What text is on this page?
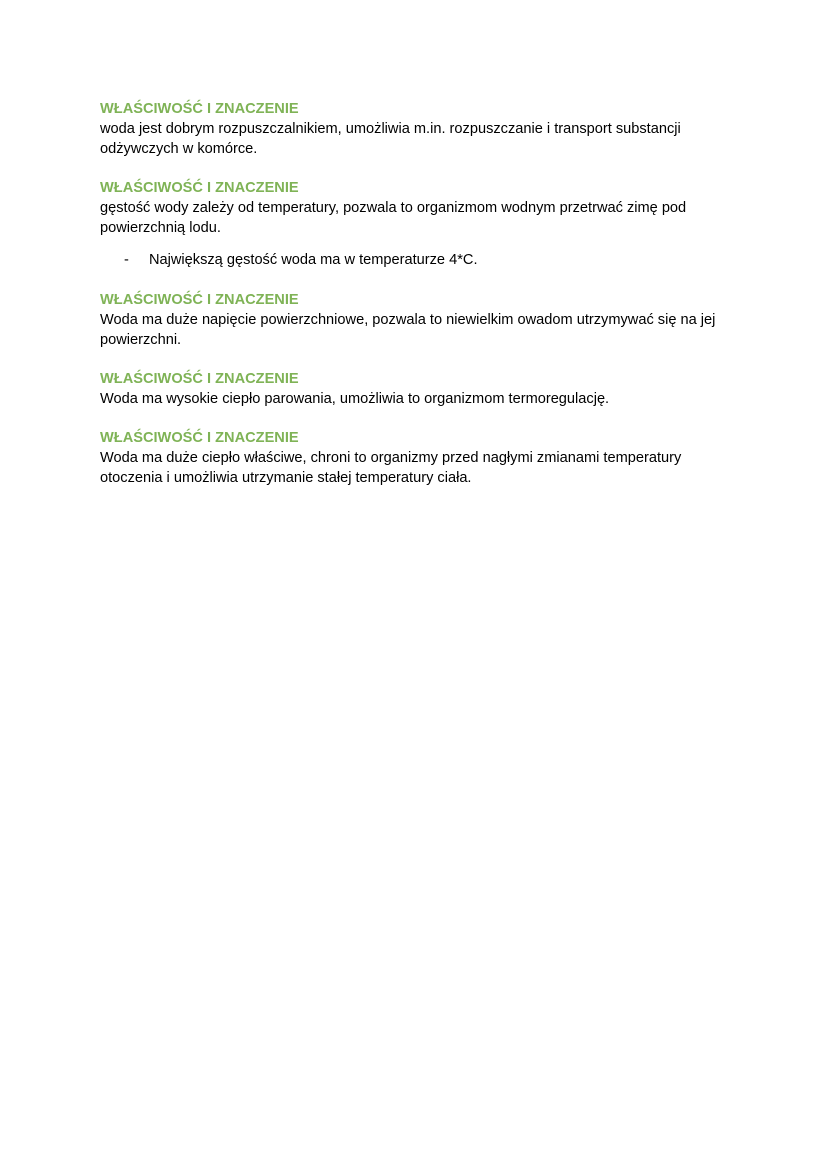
WŁAŚCIWOŚĆ I ZNACZENIE

woda jest dobrym rozpuszczalnikiem, umożliwia m.in. rozpuszczanie i transport substancji odżywczych w komórce.

WŁAŚCIWOŚĆ I ZNACZENIE

gęstość wody zależy od temperatury, pozwala to organizmom wodnym przetrwać zimę pod powierzchnią lodu.

- Największą gęstość woda ma w temperaturze 4*C.

WŁAŚCIWOŚĆ I ZNACZENIE

Woda ma duże napięcie powierzchniowe, pozwala to niewielkim owadom utrzymywać się na jej powierzchni.

WŁAŚCIWOŚĆ I ZNACZENIE

Woda ma wysokie ciepło parowania, umożliwia to organizmom termoregulację.

WŁAŚCIWOŚĆ I ZNACZENIE

Woda ma duże ciepło właściwe, chroni to organizmy przed nagłymi zmianami temperatury otoczenia i umożliwia utrzymanie stałej temperatury ciała.
